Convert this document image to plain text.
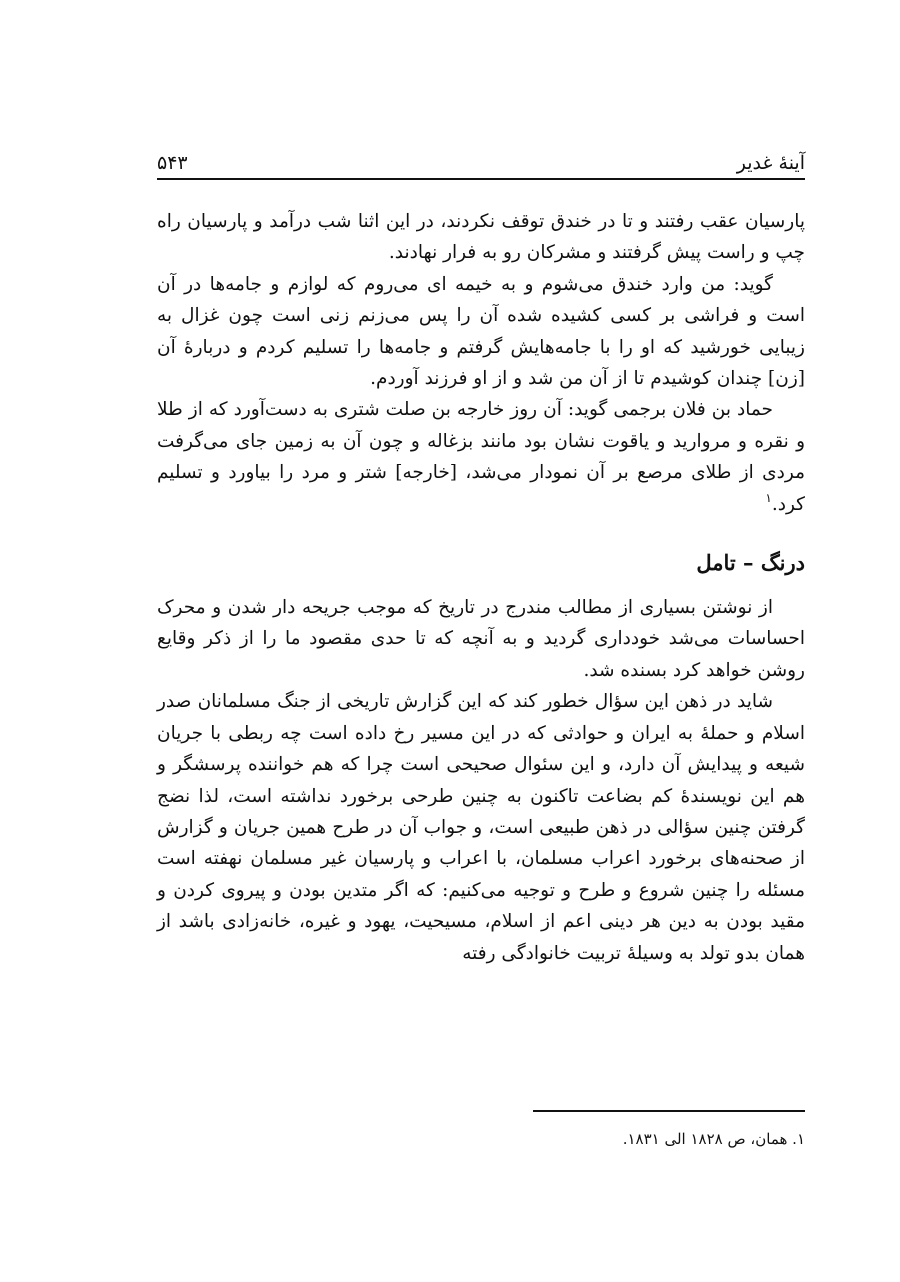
آینهٔ غدیر
۵۴۳

پارسیان عقب رفتند و تا در خندق توقف نکردند، در این اثنا شب درآمد و پارسیان راه چپ و راست پیش گرفتند و مشرکان رو به فرار نهادند.

گوید: من وارد خندق می‌شوم و به خیمه ای می‌روم که لوازم و جامه‌ها در آن است و فراشی بر کسی کشیده شده آن را پس می‌زنم زنی است چون غزال به زیبایی خورشید که او را با جامه‌هایش گرفتم و جامه‌ها را تسلیم کردم و دربارهٔ آن [زن] چندان کوشیدم تا از آن من شد و از او فرزند آوردم.

حماد بن فلان برجمی گوید: آن روز خارجه بن صلت شتری به دست‌آورد که از طلا و نقره و مروارید و یاقوت نشان بود مانند بزغاله و چون آن به زمین جای می‌گرفت مردی از طلای مرصع بر آن نمودار می‌شد، [خارجه] شتر و مرد را بیاورد و تسلیم کرد.$^۱$

درنگ – تامل

از نوشتن بسیاری از مطالب مندرج در تاریخ که موجب جریحه دار شدن و محرک احساسات می‌شد خودداری گردید و به آنچه که تا حدی مقصود ما را از ذکر وقایع روشن خواهد کرد بسنده شد.

شاید در ذهن این سؤال خطور کند که این گزارش تاریخی از جنگ مسلمانان صدر اسلام و حملهٔ به ایران و حوادثی که در این مسیر رخ داده است چه ربطی با جریان شیعه و پیدایش آن دارد، و این سئوال صحیحی است چرا که هم خواننده پرسشگر و هم این نویسندهٔ کم بضاعت تاکنون به چنین طرحی برخورد نداشته است، لذا نضج گرفتن چنین سؤالی در ذهن طبیعی است، و جواب آن در طرح همین جریان و گزارش از صحنه‌های برخورد اعراب مسلمان، با اعراب و پارسیان غیر مسلمان نهفته است مسئله را چنین شروع و طرح و توجیه می‌کنیم: که اگر متدین بودن و پیروی کردن و مقید بودن به دین هر دینی اعم از اسلام، مسیحیت، یهود و غیره، خانه‌زادی باشد از همان بدو تولد به وسیلهٔ تربیت خانوادگی رفته

۱. همان، ص ۱۸۲۸ الی ۱۸۳۱.
